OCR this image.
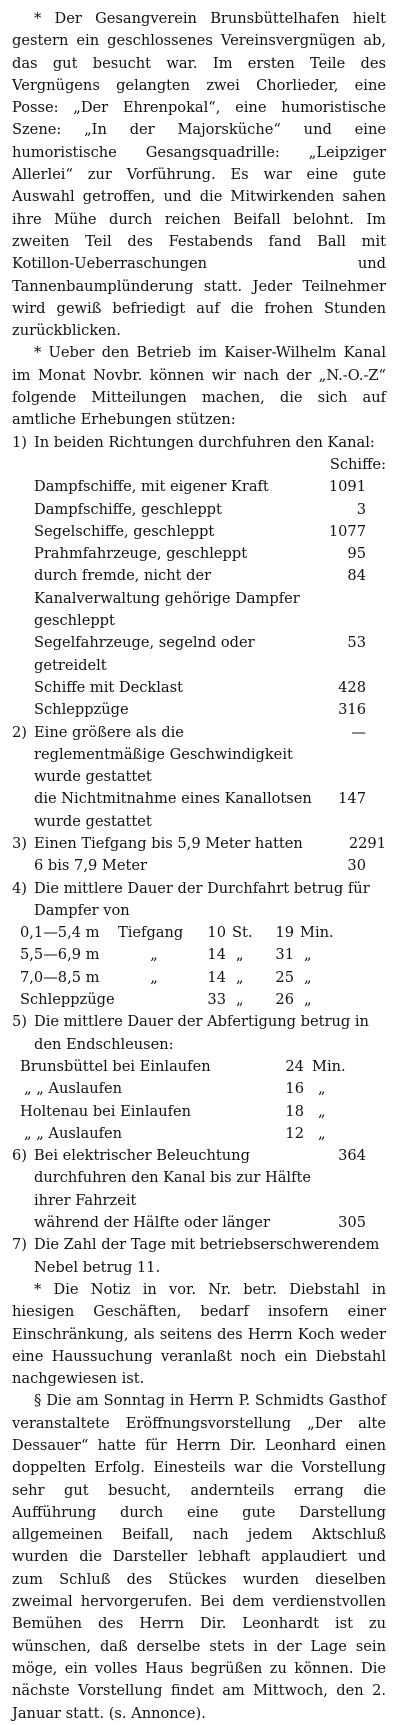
* Der Gesangverein Brunsbüttelhafen hielt gestern ein geschlossenes Vereinsvergnügen ab, das gut besucht war. Im ersten Teile des Vergnügens gelangten zwei Chorlieder, eine Posse: „Der Ehrenpokal“, eine humoristische Szene: „In der Majorsküche“ und eine humoristische Gesangsquadrille: „Leipziger Allerlei“ zur Vorführung. Es war eine gute Auswahl getroffen, und die Mitwirkenden sahen ihre Mühe durch reichen Beifall belohnt. Im zweiten Teil des Festabends fand Ball mit Kotillon-Ueberraschungen und Tannenbaumplünderung statt. Jeder Teilnehmer wird gewiß befriedigt auf die frohen Stunden zurückblicken.

* Ueber den Betrieb im Kaiser-Wilhelm Kanal im Monat Novbr. können wir nach der „N.-O.-Z“ folgende Mitteilungen machen, die sich auf amtliche Erhebungen stützen:

1) In beiden Richtungen durchfuhren den Kanal:
Schiffe:
Dampfschiffe, mit eigener Kraft	1091
Dampfschiffe, geschleppt	3
Segelschiffe, geschleppt	1077
Prahmfahrzeuge, geschleppt	95
durch fremde, nicht der Kanalverwaltung gehörige Dampfer geschleppt
84
Segelfahrzeuge, segelnd oder getreidelt
53
Schiffe mit Decklast	428
Schleppzüge	316
2) Eine größere als die reglementmäßige Geschwindigkeit wurde gestattet
—
die Nichtmitnahme eines Kanallotsen wurde gestattet
147
3) Einen Tiefgang bis 5,9 Meter hatten	2291
6 bis 7,9 Meter	30
4) Die mittlere Dauer der Durchfahrt betrug für Dampfer von
0,1—5,4 m	Tiefgang	10 St.	19 Min.
5,5—6,9 m	„	14 „	31 „
7,0—8,5 m	„	14 „	25 „
Schleppzüge	33 „	26 „
5) Die mittlere Dauer der Abfertigung betrug in den Endschleusen:
Brunsbüttel bei Einlaufen	24 Min.
„ „ Auslaufen	16 „
Holtenau bei Einlaufen	18 „
„ „ Auslaufen	12 „
6) Bei elektrischer Beleuchtung durchfuhren den Kanal bis zur Hälfte ihrer Fahrzeit
364
während der Hälfte oder länger	305
7) Die Zahl der Tage mit betriebserschwerendem Nebel betrug 11.

* Die Notiz in vor. Nr. betr. Diebstahl in hiesigen Geschäften, bedarf insofern einer Einschränkung, als seitens des Herrn Koch weder eine Haussuchung veranlaßt noch ein Diebstahl nachgewiesen ist.

§ Die am Sonntag in Herrn P. Schmidts Gasthof veranstaltete Eröffnungsvorstellung „Der alte Dessauer“ hatte für Herrn Dir. Leonhard einen doppelten Erfolg. Einesteils war die Vorstellung sehr gut besucht, andernteils errang die Aufführung durch eine gute Darstellung allgemeinen Beifall, nach jedem Aktschluß wurden die Darsteller lebhaft applaudiert und zum Schluß des Stückes wurden dieselben zweimal hervorgerufen. Bei dem verdienstvollen Bemühen des Herrn Dir. Leonhardt ist zu wünschen, daß derselbe stets in der Lage sein möge, ein volles Haus begrüßen zu können. Die nächste Vorstellung findet am Mittwoch, den 2. Januar statt. (s. Annonce).
